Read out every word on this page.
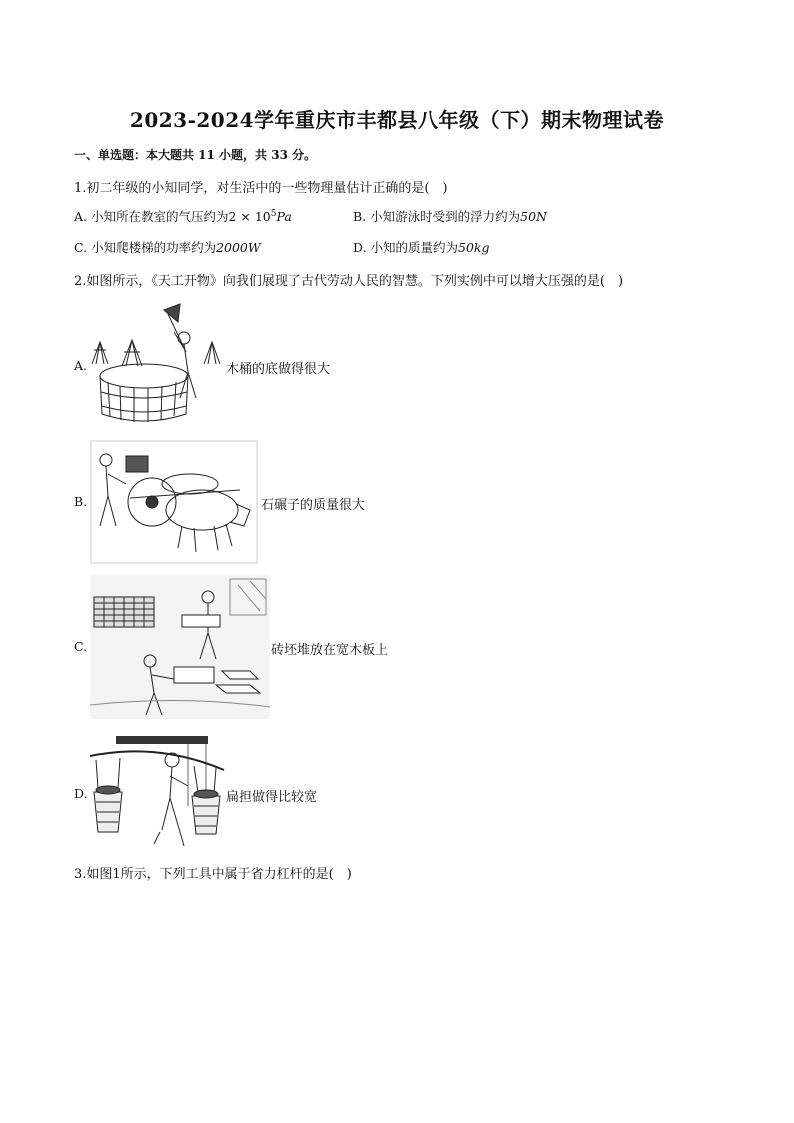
2023-2024学年重庆市丰都县八年级（下）期末物理试卷
一、单选题：本大题共 11 小题，共 33 分。
1.初二年级的小知同学，对生活中的一些物理量估计正确的是(　)
A. 小知所在教室的气压约为$2 \times 10^5Pa$	B. 小知游泳时受到的浮力约为50N
C. 小知爬楼梯的功率约为2000W	D. 小知的质量约为50kg
2.如图所示，《天工开物》向我们展现了古代劳动人民的智慧。下列实例中可以增大压强的是(　)
A.	木桶的底做得很大
B.	石碾子的质量很大
C.	砖坯堆放在宽木板上
D.	扁担做得比较宽
3.如图1所示，下列工具中属于省力杠杆的是(　)
